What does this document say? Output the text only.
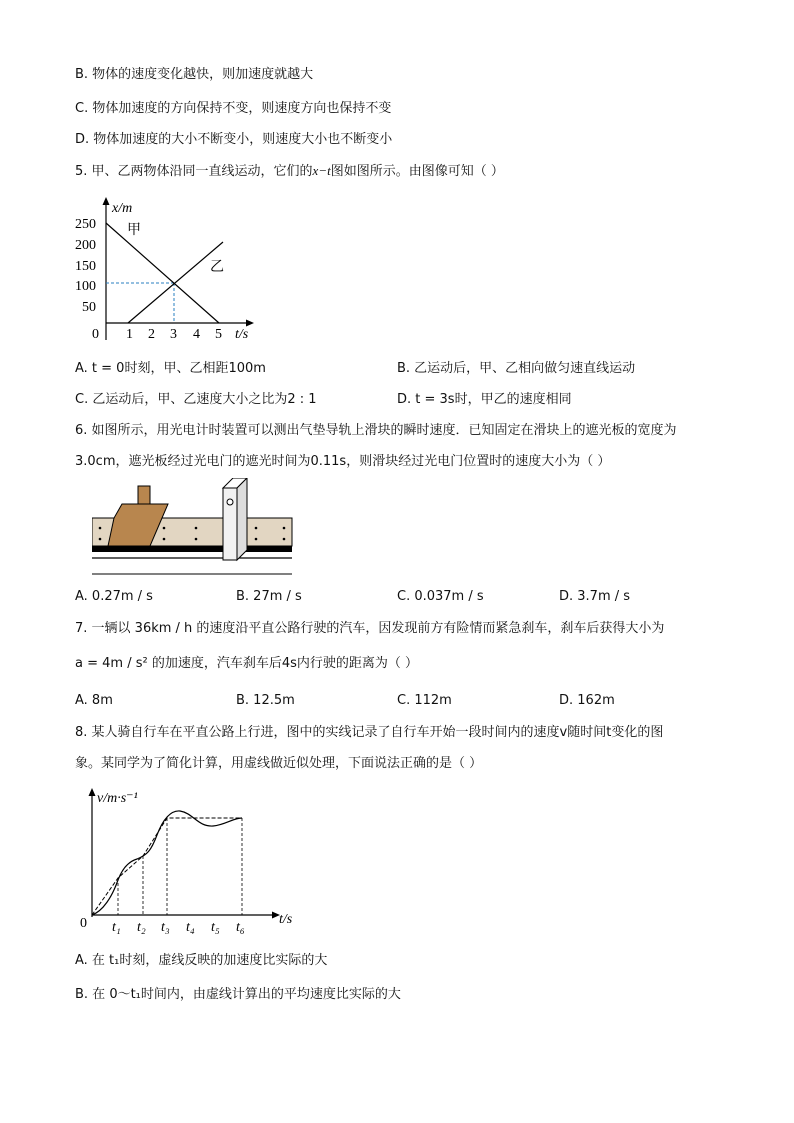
B. 物体的速度变化越快，则加速度就越大
C. 物体加速度的方向保持不变，则速度方向也保持不变
D. 物体加速度的大小不断变小，则速度大小也不断变小
5. 甲、乙两物体沿同一直线运动，它们的x−t图如图所示。由图像可知（ ）
x/m
0
250
200
150
100
50
1 2 3 4 5 t/s
甲
乙
A. t = 0时刻，甲、乙相距100m	B. 乙运动后，甲、乙相向做匀速直线运动
C. 乙运动后，甲、乙速度大小之比为2 : 1	D. t = 3s时，甲乙的速度相同
6. 如图所示，用光电计时装置可以测出气垫导轨上滑块的瞬时速度．已知固定在滑块上的遮光板的宽度为
3.0cm，遮光板经过光电门的遮光时间为0.11s，则滑块经过光电门位置时的速度大小为（ ）
A. 0.27m / s	B. 27m / s	C. 0.037m / s	D. 3.7m / s
7. 一辆以 36km / h 的速度沿平直公路行驶的汽车，因发现前方有险情而紧急刹车，刹车后获得大小为
a = 4m / s² 的加速度，汽车刹车后4s内行驶的距离为（ ）
A. 8m	B. 12.5m	C. 112m	D. 162m
8. 某人骑自行车在平直公路上行进，图中的实线记录了自行车开始一段时间内的速度v随时间t变化的图
象。某同学为了简化计算，用虚线做近似处理，下面说法正确的是（ ）
v/m·s⁻¹
0	t/s
t₁ t₂ t₃ t₄ t₅ t₆
A. 在 t₁时刻，虚线反映的加速度比实际的大
B. 在 0～t₁时间内，由虚线计算出的平均速度比实际的大
